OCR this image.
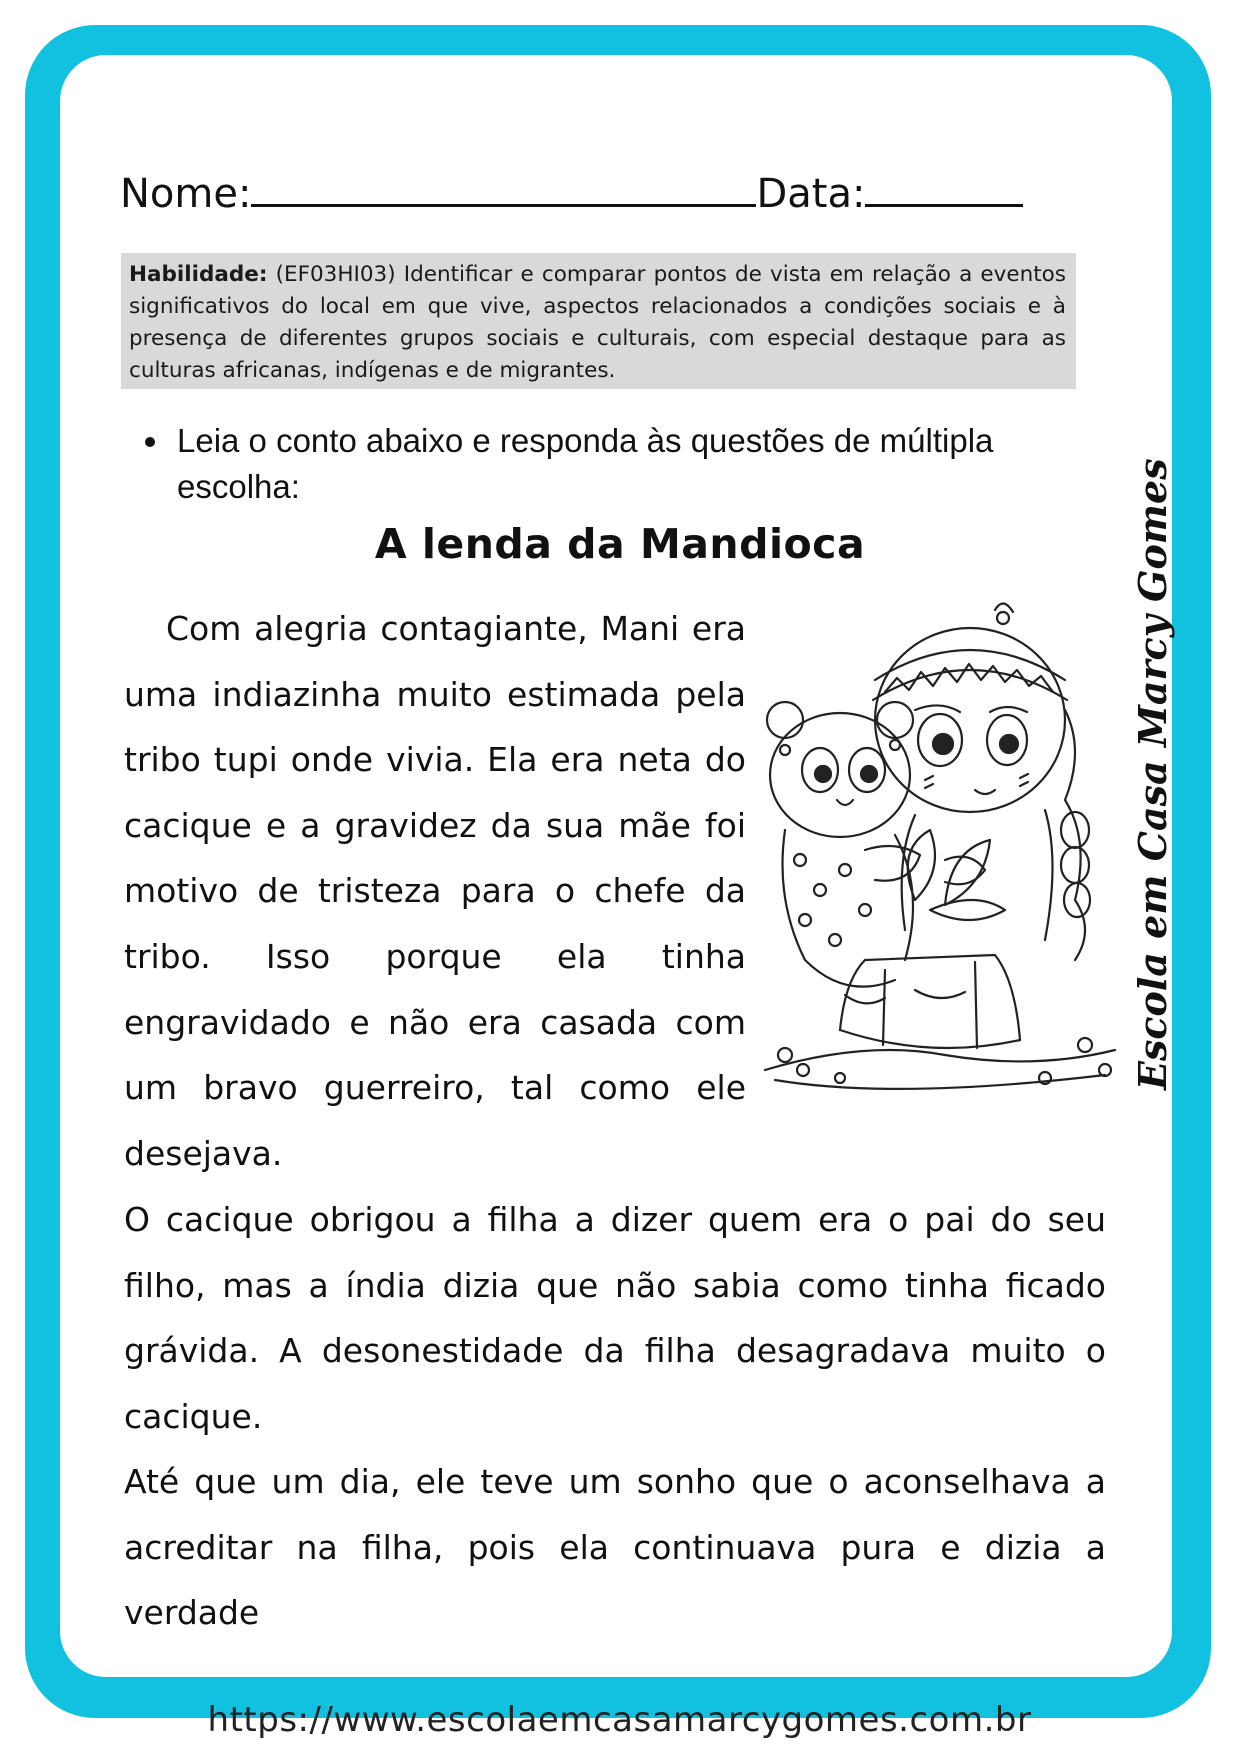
Nome:	Data:
Habilidade: (EF03HI03) Identificar e comparar pontos de vista em relação a eventos significativos do local em que vive, aspectos relacionados a condições sociais e à presença de diferentes grupos sociais e culturais, com especial destaque para as culturas africanas, indígenas e de migrantes.
Leia o conto abaixo e responda às questões de múltipla escolha:
A lenda da Mandioca
Com alegria contagiante, Mani era uma indiazinha muito estimada pela tribo tupi onde vivia. Ela era neta do cacique e a gravidez da sua mãe foi motivo de tristeza para o chefe da tribo. Isso porque ela tinha engravidado e não era casada com um bravo guerreiro, tal como ele desejava.
O cacique obrigou a filha a dizer quem era o pai do seu filho, mas a índia dizia que não sabia como tinha ficado grávida. A desonestidade da filha desagradava muito o cacique.
Até que um dia, ele teve um sonho que o aconselhava a acreditar na filha, pois ela continuava pura e dizia a verdade
Escola em Casa Marcy Gomes
https://www.escolaemcasamarcygomes.com.br
